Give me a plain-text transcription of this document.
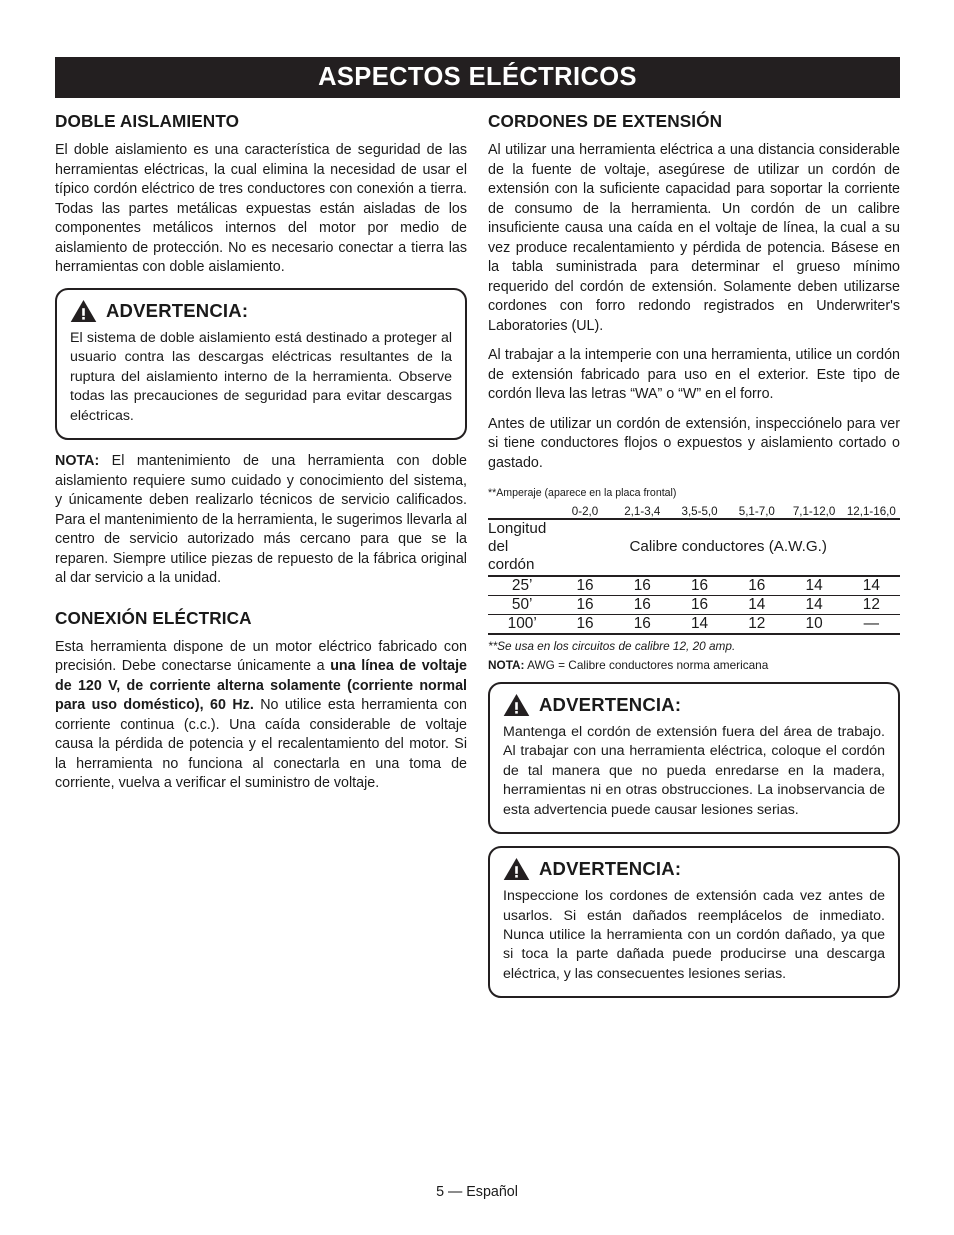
ASPECTOS ELÉCTRICOS
DOBLE AISLAMIENTO

El doble aislamiento es una característica de seguridad de las herramientas eléctricas, la cual elimina la necesidad de usar el típico cordón eléctrico de tres conductores con conexión a tierra. Todas las partes metálicas expuestas están aisladas de los componentes metálicos internos del motor por medio de aislamiento de protección. No es necesario conectar a tierra las herramientas con doble aislamiento.

ADVERTENCIA:

El sistema de doble aislamiento está destinado a proteger al usuario contra las descargas eléctricas resultantes de la ruptura del aislamiento interno de la herramienta. Observe todas las precauciones de seguridad para evitar descargas eléctricas.

NOTA: El mantenimiento de una herramienta con doble aislamiento requiere sumo cuidado y conocimiento del sistema, y únicamente deben realizarlo técnicos de servicio calificados. Para el mantenimiento de la herramienta, le sugerimos llevarla al centro de servicio autorizado más cercano para que se la reparen. Siempre utilice piezas de repuesto de la fábrica original al dar servicio a la unidad.

CONEXIÓN ELÉCTRICA

Esta herramienta dispone de un motor eléctrico fabricado con precisión. Debe conectarse únicamente a una línea de voltaje de 120 V, de corriente alterna solamente (corriente normal para uso doméstico), 60 Hz. No utilice esta herramienta con corriente continua (c.c.). Una caída considerable de voltaje causa la pérdida de potencia y el recalentamiento del motor. Si la herramienta no funciona al conectarla en una toma de corriente, vuelva a verificar el suministro de voltaje.

CORDONES DE EXTENSIÓN

Al utilizar una herramienta eléctrica a una distancia considerable de la fuente de voltaje, asegúrese de utilizar un cordón de extensión con la suficiente capacidad para soportar la corriente de consumo de la herramienta. Un cordón de un calibre insuficiente causa una caída en el voltaje de línea, la cual a su vez produce recalentamiento y pérdida de potencia. Básese en la tabla suministrada para determinar el grueso mínimo requerido del cordón de extensión. Solamente deben utilizarse cordones con forro redondo registrados en Underwriter's Laboratories (UL).

Al trabajar a la intemperie con una herramienta, utilice un cordón de extensión fabricado para uso en el exterior. Este tipo de cordón lleva las letras “WA” o “W” en el forro.

Antes de utilizar un cordón de extensión, inspecciónelo para ver si tiene conductores flojos o expuestos y aislamiento cortado o gastado.

**Amperaje (aparece en la placa frontal)
	0-2,0	2,1-3,4	3,5-5,0	5,1-7,0	7,1-12,0	12,1-16,0

Longitud
del cordón	Calibre conductores (A.W.G.)					

25’	16	16	16	16	14	14

50’	16	16	16	14	14	12

100’	16	16	14	12	10	—

**Se usa en los circuitos de calibre 12, 20 amp.

NOTA: AWG = Calibre conductores norma americana

ADVERTENCIA:

Mantenga el cordón de extensión fuera del área de trabajo. Al trabajar con una herramienta eléctrica, coloque el cordón de tal manera que no pueda enredarse en la madera, herramientas ni en otras obstrucciones. La inobservancia de esta advertencia puede causar lesiones serias.

ADVERTENCIA:

Inspeccione los cordones de extensión cada vez antes de usarlos. Si están dañados reemplácelos de inmediato. Nunca utilice la herramienta con un cordón dañado, ya que si toca la parte dañada puede producirse una descarga eléctrica, y las consecuentes lesiones serias.

5 — Español
